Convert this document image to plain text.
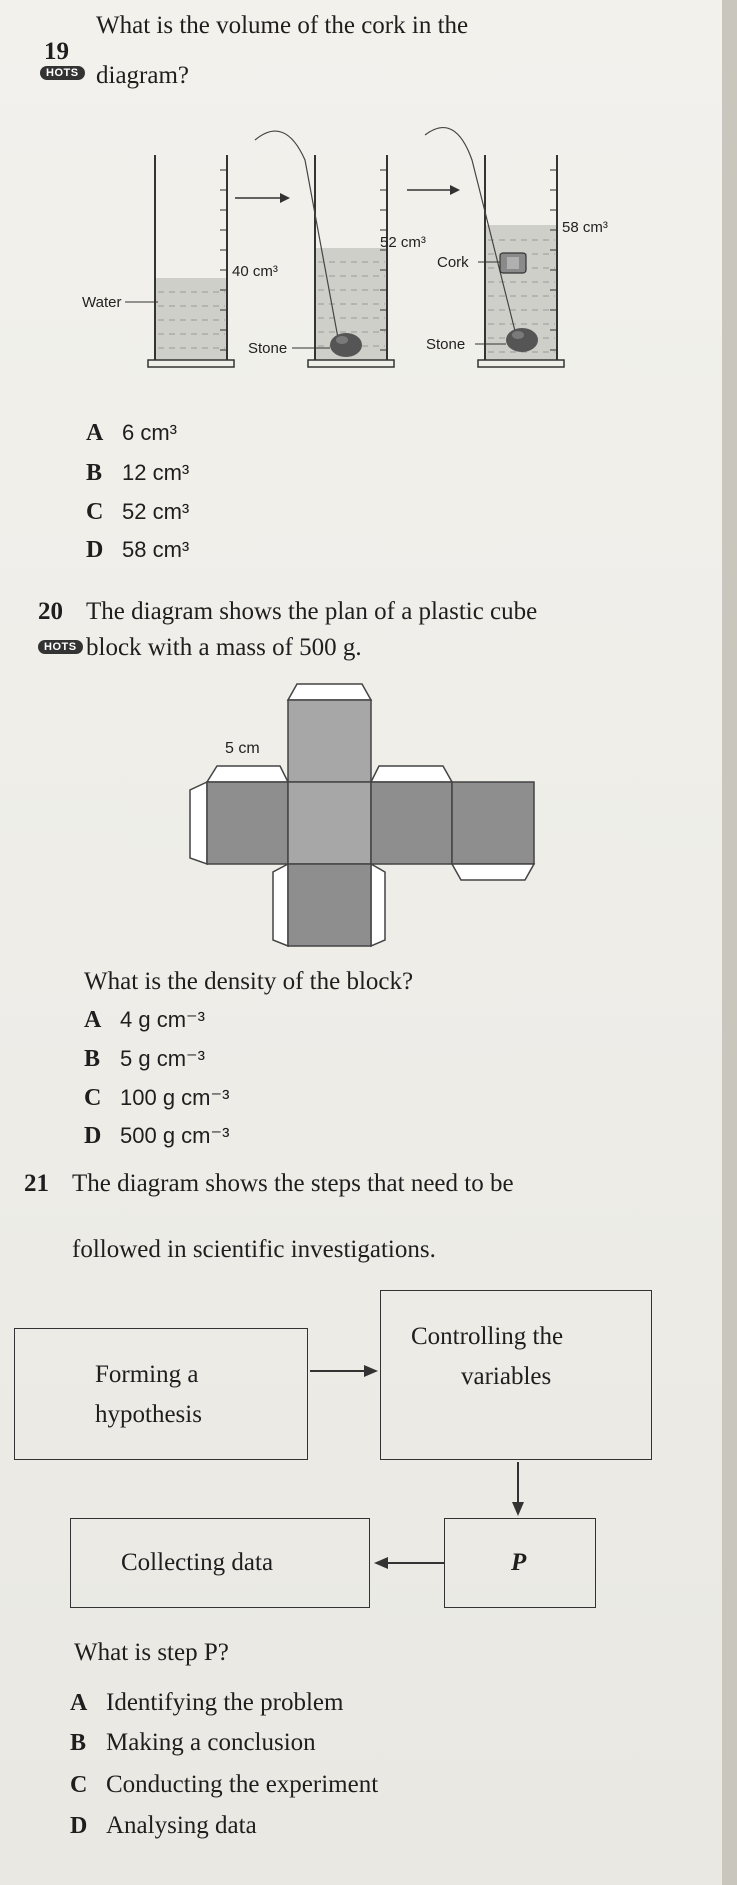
19
What is the volume of the cork in the
HOTS diagram?
Water
40 cm³
Stone
52 cm³
Cork
Stone
58 cm³
A 6 cm³
B 12 cm³
C 52 cm³
D 58 cm³
20 The diagram shows the plan of a plastic cube
HOTS block with a mass of 500 g.
5 cm
What is the density of the block?
A 4 g cm⁻³
B 5 g cm⁻³
C 100 g cm⁻³
D 500 g cm⁻³
21 The diagram shows the steps that need to be
followed in scientific investigations.
Forming a
hypothesis
Controlling the
variables
Collecting data	P
What is step P?
A Identifying the problem
B Making a conclusion
C Conducting the experiment
D Analysing data
